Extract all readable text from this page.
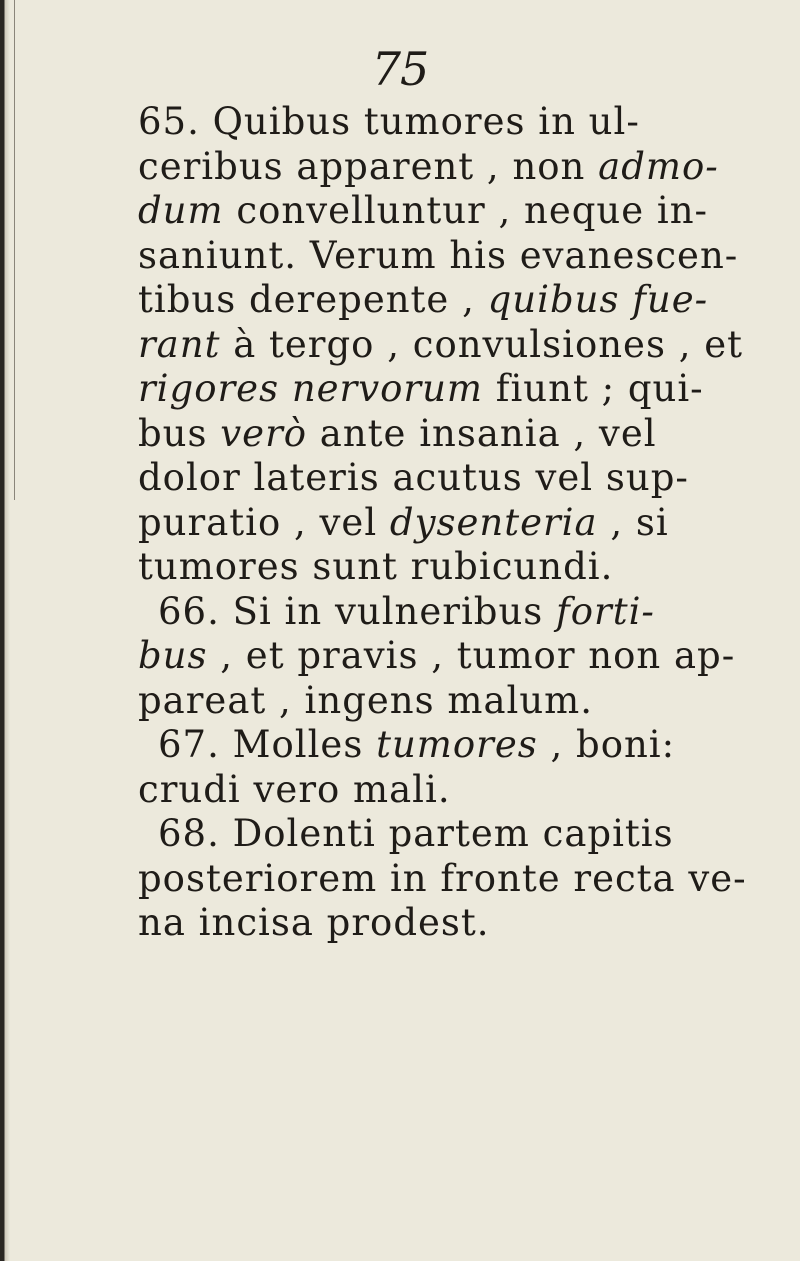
75
65. Quibus tumores in ul-
ceribus apparent , non admo-
dum convelluntur , neque in-
saniunt. Verum his evanescen-
tibus derepente , quibus fue-
rant à tergo , convulsiones , et
rigores nervorum fiunt ; qui-
bus verò ante insania , vel
dolor lateris acutus vel sup-
puratio , vel dysenteria , si
tumores sunt rubicundi.
66. Si in vulneribus forti-
bus , et pravis , tumor non ap-
pareat , ingens malum.
67. Molles tumores , boni:
crudi vero mali.
68. Dolenti partem capitis
posteriorem in fronte recta ve-
na incisa prodest.
